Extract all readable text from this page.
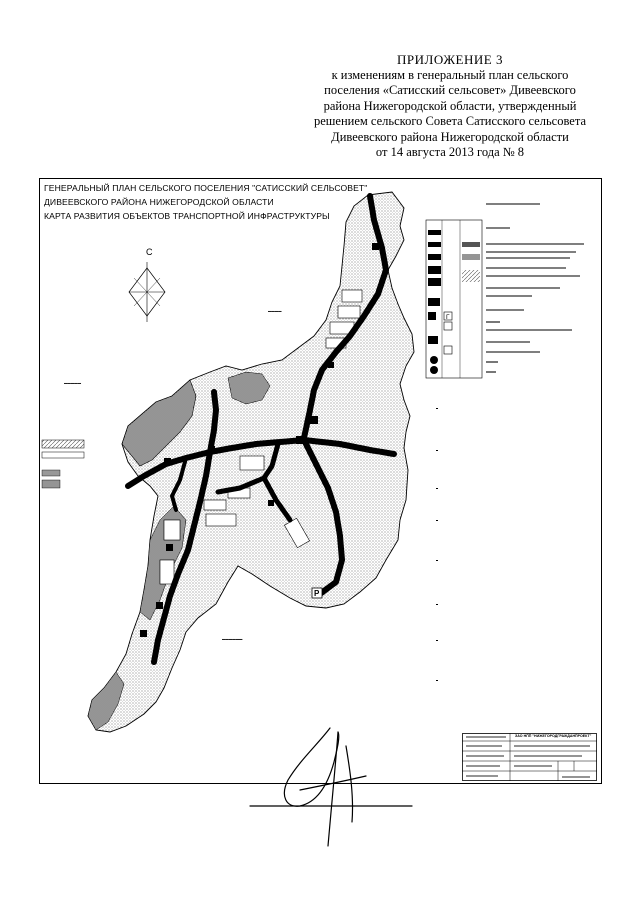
ПРИЛОЖЕНИЕ 3
к изменениям в генеральный план сельского
поселения «Сатисский сельсовет» Дивеевского
района Нижегородской области, утвержденный
решением сельского Совета Сатисского сельсовета
Дивеевского района Нижегородской области
от 14 августа 2013 года № 8
ГЕНЕРАЛЬНЫЙ ПЛАН СЕЛЬСКОГО ПОСЕЛЕНИЯ "САТИССКИЙ СЕЛЬСОВЕТ"
ДИВЕЕВСКОГО РАЙОНА НИЖЕГОРОДСКОЙ ОБЛАСТИ
КАРТА РАЗВИТИЯ ОБЪЕКТОВ ТРАНСПОРТНОЙ ИНФРАСТРУКТУРЫ
С
Р
▬▬▬▬
▬▬▬▬▬
▬▬▬▬▬▬
Г
ЗАО НПП "НИЖЕГОРОДГРАЖДАНПРОЕКТ"
